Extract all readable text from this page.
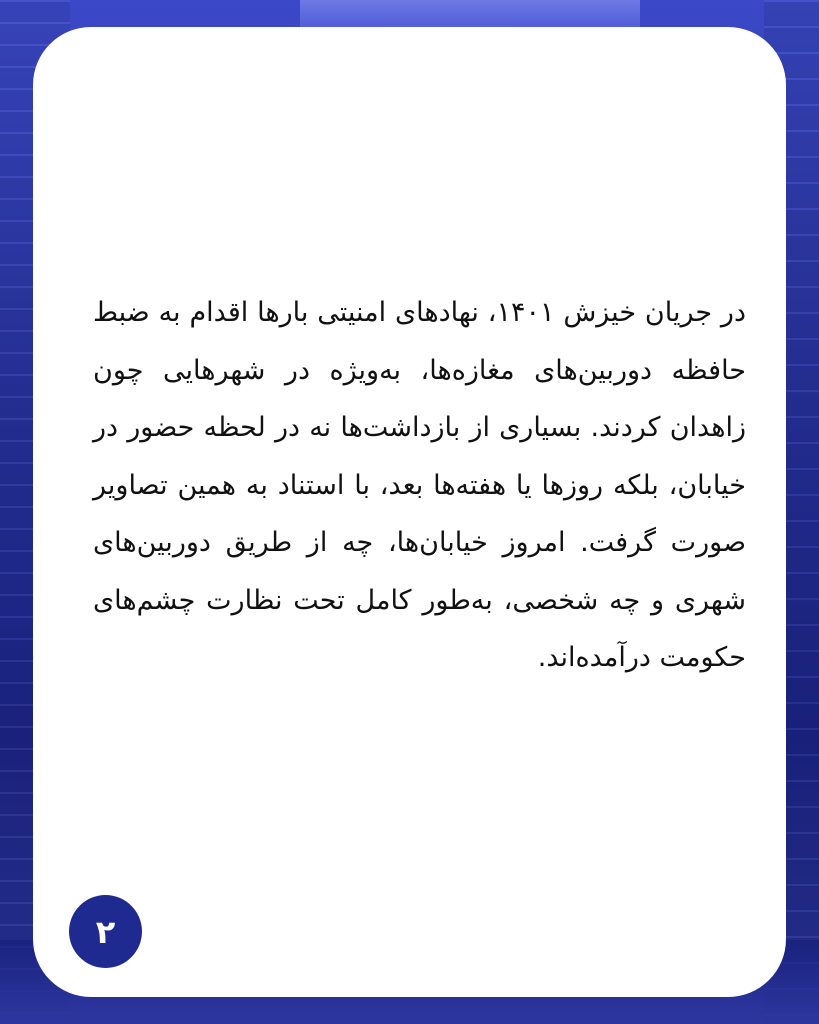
در جریان خیزش ۱۴۰۱، نهادهای امنیتی بارها اقدام به ضبط حافظه دوربین‌های مغازه‌ها، به‌ویژه در شهرهایی چون زاهدان کردند. بسیاری از بازداشت‌ها نه در لحظه حضور در خیابان، بلکه روزها یا هفته‌ها بعد، با استناد به همین تصاویر صورت گرفت. امروز خیابان‌ها، چه از طریق دوربین‌های شهری و چه شخصی، به‌طور کامل تحت نظارت چشم‌های حکومت درآمده‌اند.

۲
